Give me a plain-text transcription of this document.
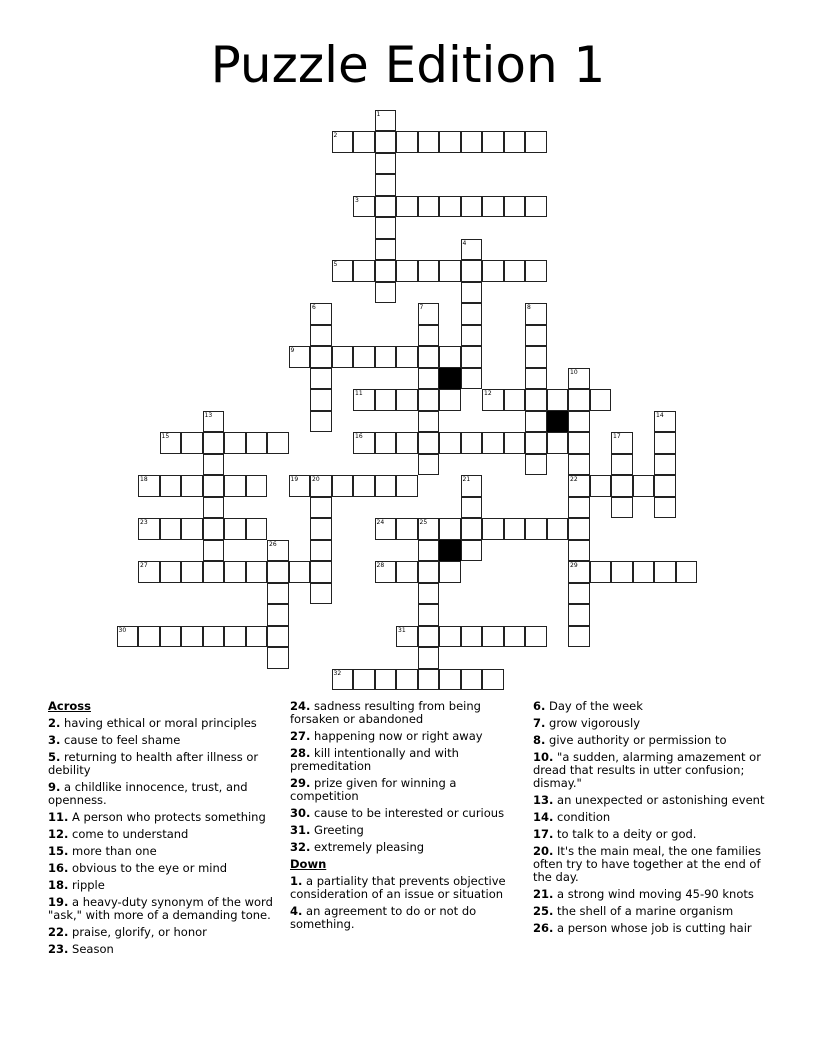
Puzzle Edition 1
2
3
5
9
11	12
15	16
18	19 20	22
23	24	25
27	28	29
30	31
32
1
4
6	7	8
10
13	14
17
21
26
Across
2. having ethical or moral principles
3. cause to feel shame
5. returning to health after illness or debility
9. a childlike innocence, trust, and openness.
11. A person who protects something
12. come to understand
15. more than one
16. obvious to the eye or mind
18. ripple
19. a heavy-duty synonym of the word "ask," with more of a demanding tone.
22. praise, glorify, or honor
23. Season
24. sadness resulting from being forsaken or abandoned
27. happening now or right away
28. kill intentionally and with premeditation
29. prize given for winning a competition
30. cause to be interested or curious
31. Greeting
32. extremely pleasing
Down
1. a partiality that prevents objective consideration of an issue or situation
4. an agreement to do or not do something.
6. Day of the week
7. grow vigorously
8. give authority or permission to
10. "a sudden, alarming amazement or dread that results in utter confusion; dismay."
13. an unexpected or astonishing event
14. condition
17. to talk to a deity or god.
20. It's the main meal, the one families often try to have together at the end of the day.
21. a strong wind moving 45-90 knots
25. the shell of a marine organism
26. a person whose job is cutting hair
